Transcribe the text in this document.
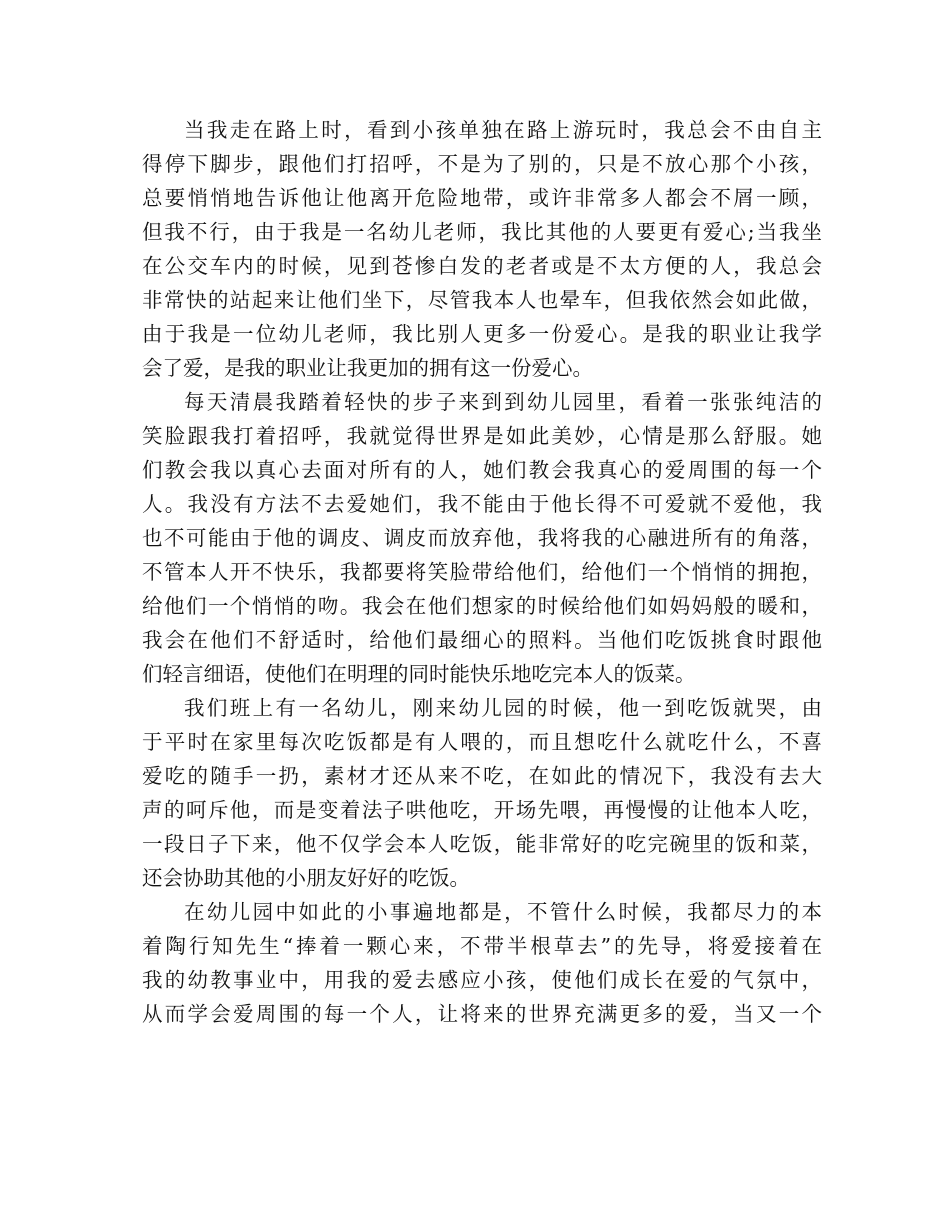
当我走在路上时，看到小孩单独在路上游玩时，我总会不由自主
得停下脚步，跟他们打招呼，不是为了别的，只是不放心那个小孩，
总要悄悄地告诉他让他离开危险地带，或许非常多人都会不屑一顾，
但我不行，由于我是一名幼儿老师，我比其他的人要更有爱心;当我坐
在公交车内的时候，见到苍惨白发的老者或是不太方便的人，我总会
非常快的站起来让他们坐下，尽管我本人也晕车，但我依然会如此做，
由于我是一位幼儿老师，我比别人更多一份爱心。是我的职业让我学
会了爱，是我的职业让我更加的拥有这一份爱心。
每天清晨我踏着轻快的步子来到到幼儿园里，看着一张张纯洁的
笑脸跟我打着招呼，我就觉得世界是如此美妙，心情是那么舒服。她
们教会我以真心去面对所有的人，她们教会我真心的爱周围的每一个
人。我没有方法不去爱她们，我不能由于他长得不可爱就不爱他，我
也不可能由于他的调皮、调皮而放弃他，我将我的心融进所有的角落，
不管本人开不快乐，我都要将笑脸带给他们，给他们一个悄悄的拥抱，
给他们一个悄悄的吻。我会在他们想家的时候给他们如妈妈般的暖和，
我会在他们不舒适时，给他们最细心的照料。当他们吃饭挑食时跟他
们轻言细语，使他们在明理的同时能快乐地吃完本人的饭菜。
我们班上有一名幼儿，刚来幼儿园的时候，他一到吃饭就哭，由
于平时在家里每次吃饭都是有人喂的，而且想吃什么就吃什么，不喜
爱吃的随手一扔，素材才还从来不吃，在如此的情况下，我没有去大
声的呵斥他，而是变着法子哄他吃，开场先喂，再慢慢的让他本人吃，
一段日子下来，他不仅学会本人吃饭，能非常好的吃完碗里的饭和菜，
还会协助其他的小朋友好好的吃饭。
在幼儿园中如此的小事遍地都是，不管什么时候，我都尽力的本
着陶行知先生“捧着一颗心来，不带半根草去”的先导，将爱接着在
我的幼教事业中，用我的爱去感应小孩，使他们成长在爱的气氛中，
从而学会爱周围的每一个人，让将来的世界充满更多的爱，当又一个
